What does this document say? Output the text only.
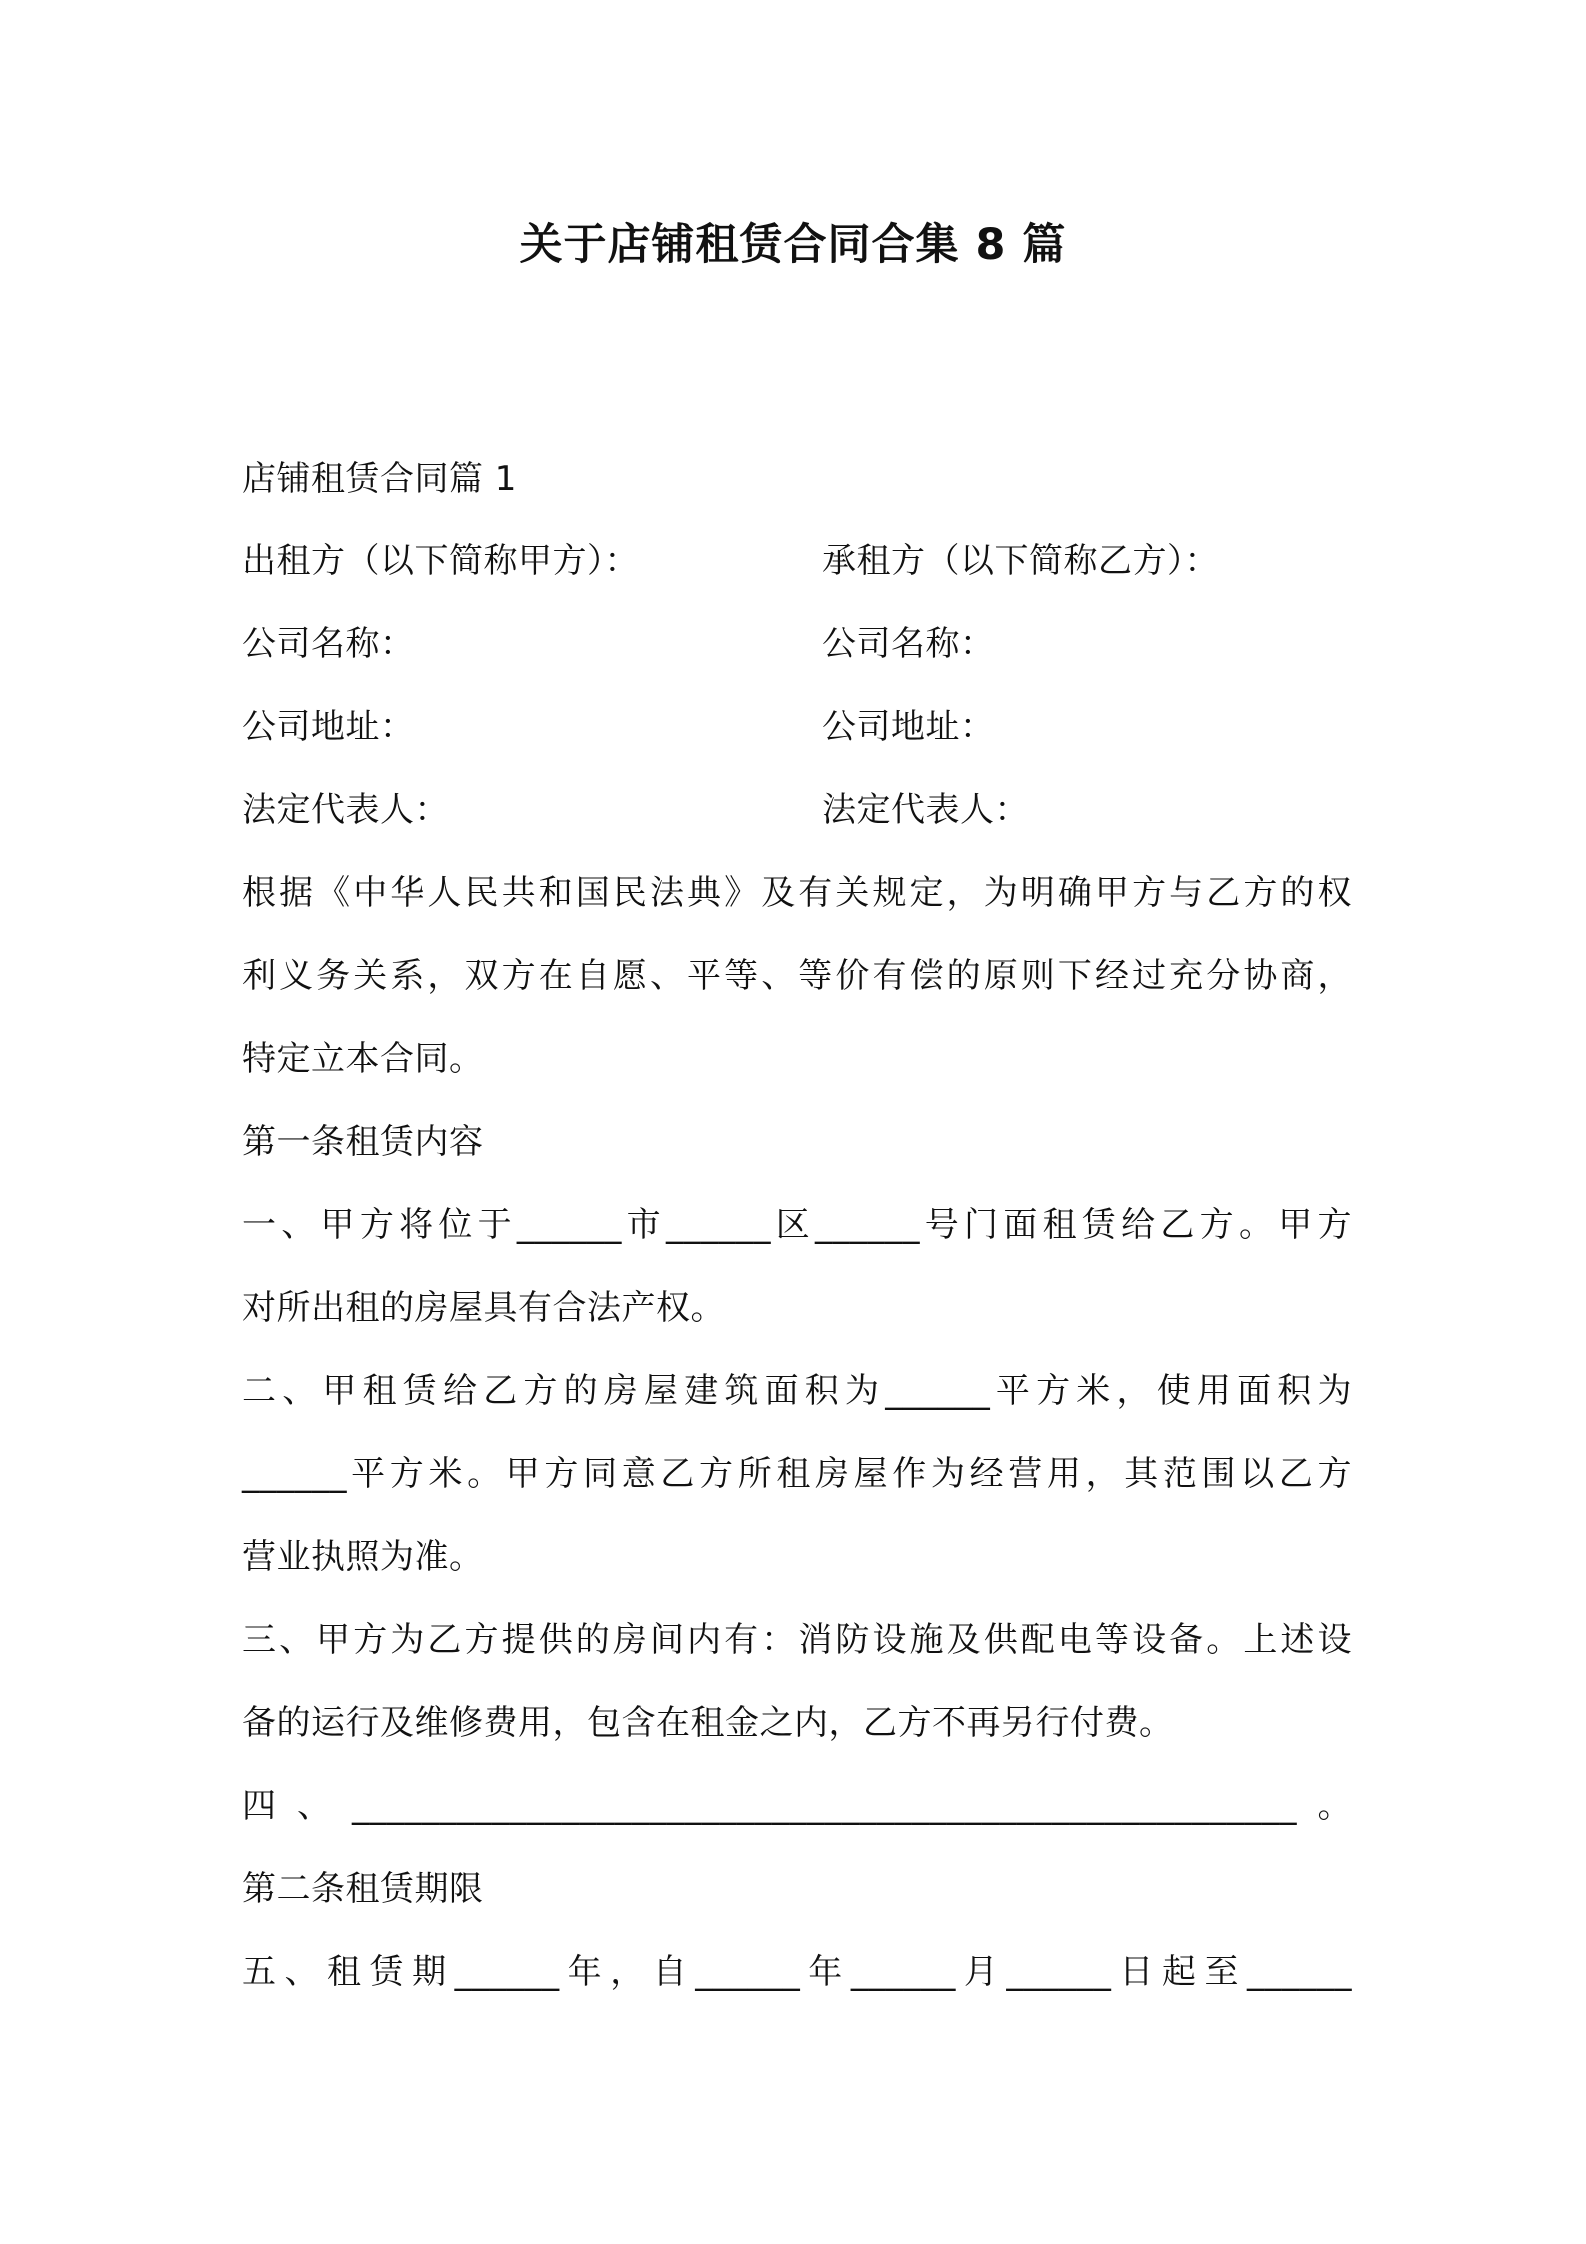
关于店铺租赁合同合集 8 篇
店铺租赁合同篇 1
出租方（以下简称甲方）：	承租方（以下简称乙方）：
公司名称：	公司名称：
公司地址：	公司地址：
法定代表人：	法定代表人：
根据《中华人民共和国民法典》及有关规定，为明确甲方与乙方的权
利义务关系，双方在自愿、平等、等价有偿的原则下经过充分协商，
特定立本合同。
第一条租赁内容
一、甲方将位于______市______区______号门面租赁给乙方。甲方
对所出租的房屋具有合法产权。
二、甲租赁给乙方的房屋建筑面积为______平方米，使用面积为
______平方米。甲方同意乙方所租房屋作为经营用，其范围以乙方
营业执照为准。
三、甲方为乙方提供的房间内有：消防设施及供配电等设备。上述设
备的运行及维修费用，包含在租金之内，乙方不再另行付费。
四、______________________________________________________。
第二条租赁期限
五、租赁期______年，自______年______月______日起至______
